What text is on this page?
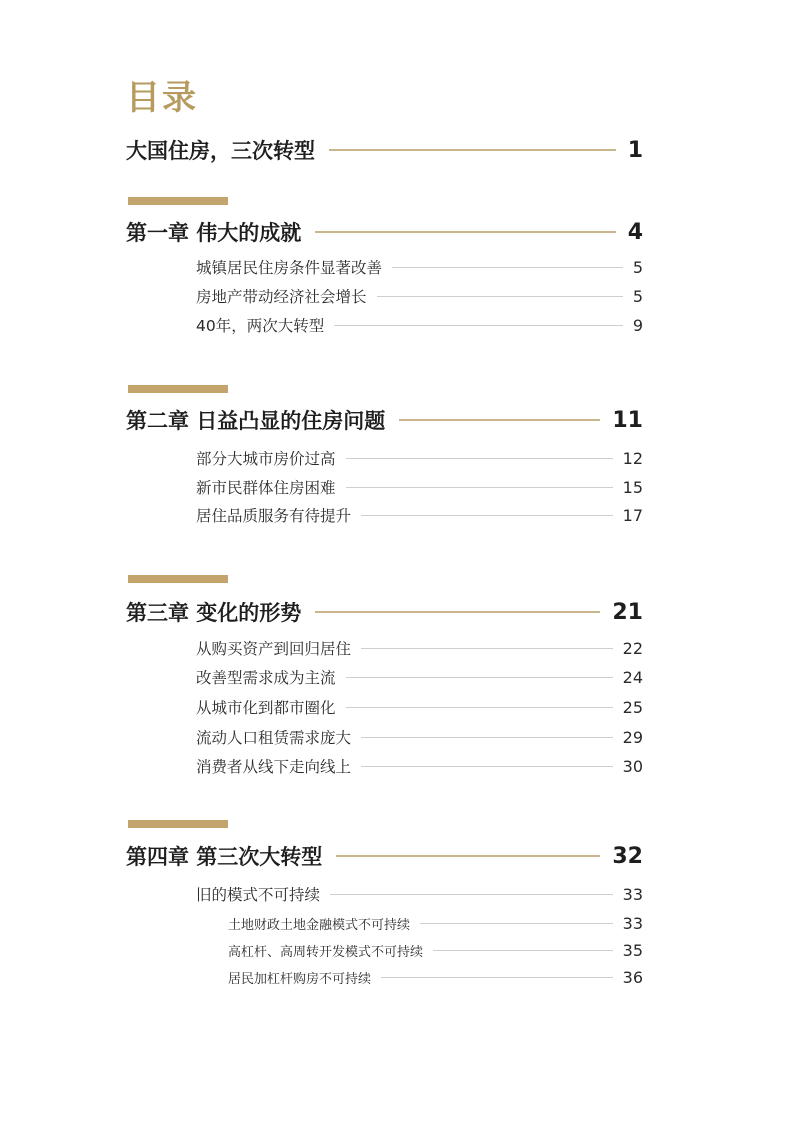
目录
大国住房，三次转型	1
第一章 伟大的成就	4
城镇居民住房条件显著改善	5
房地产带动经济社会增长	5
40年，两次大转型	9
第二章 日益凸显的住房问题	11
部分大城市房价过高	12
新市民群体住房困难	15
居住品质服务有待提升	17
第三章 变化的形势	21
从购买资产到回归居住	22
改善型需求成为主流	24
从城市化到都市圈化	25
流动人口租赁需求庞大	29
消费者从线下走向线上	30
第四章 第三次大转型	32
旧的模式不可持续	33
土地财政土地金融模式不可持续	33
高杠杆、高周转开发模式不可持续	35
居民加杠杆购房不可持续	36
